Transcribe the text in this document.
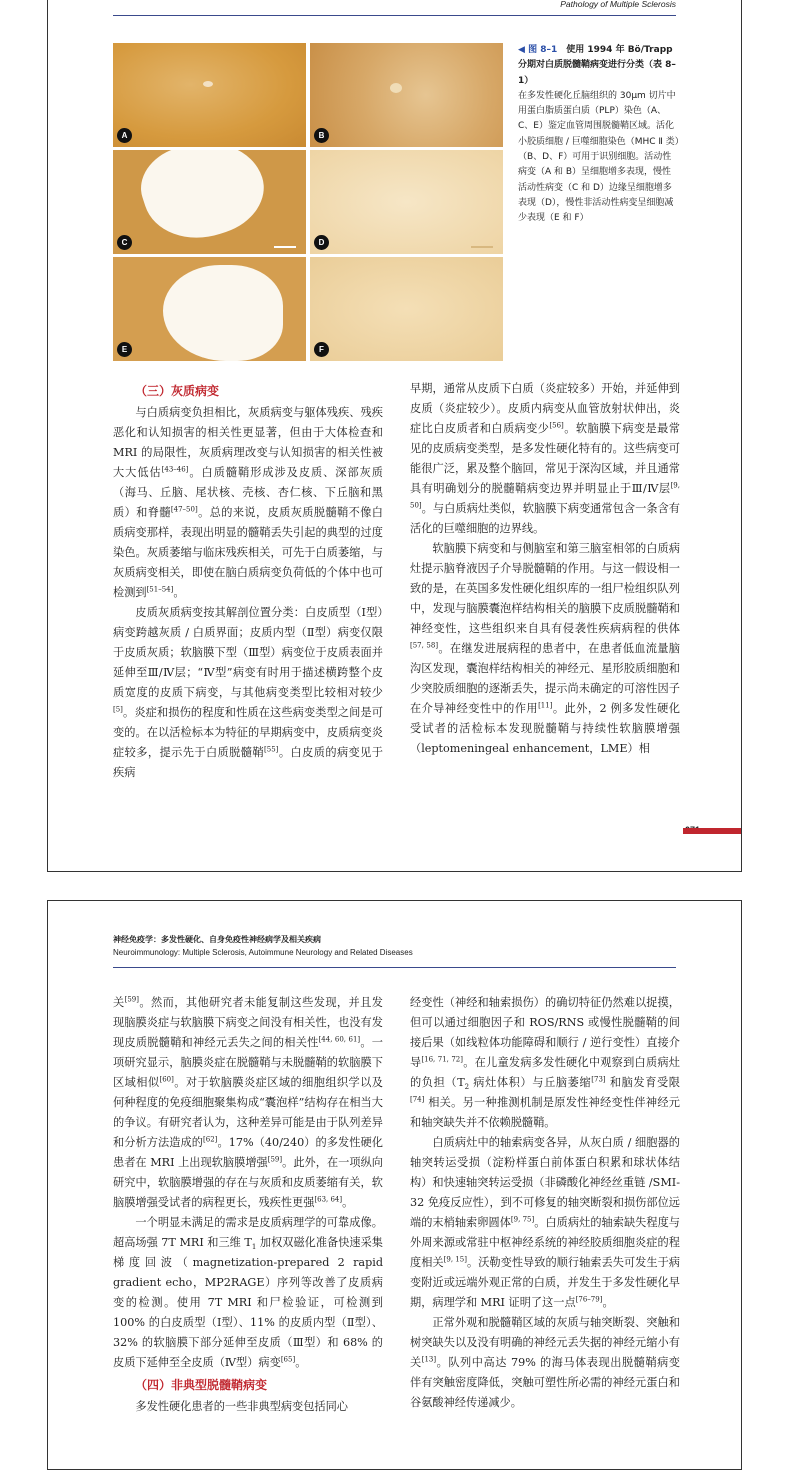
Pathology of Multiple Sclerosis
A	B
C	D
E	F
◀ 图 8–1　 使用 1994 年 Bö/Trapp 分期对白质脱髓鞘病变进行分类（表 8–1）
在多发性硬化丘脑组织的 30μm 切片中用蛋白脂质蛋白质（PLP）染色（A、C、E）鉴定血管周围脱髓鞘区域。活化小胶质细胞 / 巨噬细胞染色（MHC Ⅱ 类）（B、D、F）可用于识别细胞。活动性病变（A 和 B）呈细胞增多表现，慢性活动性病变（C 和 D）边缘呈细胞增多表现（D），慢性非活动性病变呈细胞减少表现（E 和 F）
（三）灰质病变

与白质病变负担相比，灰质病变与躯体残疾、残疾恶化和认知损害的相关性更显著，但由于大体检查和 MRI 的局限性，灰质病理改变与认知损害的相关性被大大低估[43–46]。白质髓鞘形成涉及皮质、深部灰质（海马、丘脑、尾状核、壳核、杏仁核、下丘脑和黑质）和脊髓[47–50]。总的来说，皮质灰质脱髓鞘不像白质病变那样，表现出明显的髓鞘丢失引起的典型的过度染色。灰质萎缩与临床残疾相关，可先于白质萎缩，与灰质病变相关，即使在脑白质病变负荷低的个体中也可检测到[51–54]。

皮质灰质病变按其解剖位置分类：白皮质型（Ⅰ型）病变跨越灰质 / 白质界面；皮质内型（Ⅱ型）病变仅限于皮质灰质；软脑膜下型（Ⅲ型）病变位于皮质表面并延伸至Ⅲ/Ⅳ层；“Ⅳ型”病变有时用于描述横跨整个皮质宽度的皮质下病变，与其他病变类型比较相对较少[5]。炎症和损伤的程度和性质在这些病变类型之间是可变的。在以活检标本为特征的早期病变中，皮质病变炎症较多，提示先于白质脱髓鞘[55]。白皮质的病变见于疾病

早期，通常从皮质下白质（炎症较多）开始，并延伸到皮质（炎症较少）。皮质内病变从血管放射状伸出，炎症比白皮质者和白质病变少[56]。软脑膜下病变是最常见的皮质病变类型，是多发性硬化特有的。这些病变可能很广泛，累及整个脑回，常见于深沟区域，并且通常具有明确划分的脱髓鞘病变边界并明显止于Ⅲ/Ⅳ层[9, 50]。与白质病灶类似，软脑膜下病变通常包含一条含有活化的巨噬细胞的边界线。

软脑膜下病变和与侧脑室和第三脑室相邻的白质病灶提示脑脊液因子介导脱髓鞘的作用。与这一假设相一致的是，在英国多发性硬化组织库的一组尸检组织队列中，发现与脑膜囊泡样结构相关的脑膜下皮质脱髓鞘和神经变性，这些组织来自具有侵袭性疾病病程的供体[57, 58]。在继发进展病程的患者中，在患者低血流量脑沟区发现，囊泡样结构相关的神经元、星形胶质细胞和少突胶质细胞的逐渐丢失，提示尚未确定的可溶性因子在介导神经变性中的作用[11]。此外，2 例多发性硬化受试者的活检标本发现脱髓鞘与持续性软脑膜增强（leptomeningeal enhancement，LME）相

神经免疫学：多发性硬化、自身免疫性神经病学及相关疾病
Neuroimmunology: Multiple Sclerosis, Autoimmune Neurology and Related Diseases

关[59]。然而，其他研究者未能复制这些发现，并且发现脑膜炎症与软脑膜下病变之间没有相关性，也没有发现皮质脱髓鞘和神经元丢失之间的相关性[44, 60, 61]。一项研究显示，脑膜炎症在脱髓鞘与未脱髓鞘的软脑膜下区域相似[60]。对于软脑膜炎症区域的细胞组织学以及何种程度的免疫细胞聚集构成“囊泡样”结构存在相当大的争议。有研究者认为，这种差异可能是由于队列差异和分析方法造成的[62]。17%（40/240）的多发性硬化患者在 MRI 上出现软脑膜增强[59]。此外，在一项纵向研究中，软脑膜增强的存在与灰质和皮质萎缩有关，软脑膜增强受试者的病程更长，残疾性更强[63, 64]。

一个明显未满足的需求是皮质病理学的可靠成像。超高场强 7T MRI 和三维 $T_1$ 加权双磁化准备快速采集梯度回波（magnetization-prepared 2 rapid gradient echo，MP2RAGE）序列等改善了皮质病变的检测。使用 7T MRI 和尸检验证，可检测到 100% 的白皮质型（Ⅰ型）、11% 的皮质内型（Ⅱ型）、32% 的软脑膜下部分延伸至皮质（Ⅲ型）和 68% 的皮质下延伸至全皮质（Ⅳ型）病变[65]。

（四）非典型脱髓鞘病变

多发性硬化患者的一些非典型病变包括同心

经变性（神经和轴索损伤）的确切特征仍然难以捉摸，但可以通过细胞因子和 ROS/RNS 或慢性脱髓鞘的间接后果（如线粒体功能障碍和顺行 / 逆行变性）直接介导[16, 71, 72]。在儿童发病多发性硬化中观察到白质病灶的负担（$T_2$ 病灶体积）与丘脑萎缩[73] 和脑发育受限[74] 相关。另一种推测机制是原发性神经变性伴神经元和轴突缺失并不依赖脱髓鞘。

白质病灶中的轴索病变各异，从灰白质 / 细胞器的轴突转运受损（淀粉样蛋白前体蛋白积累和球状体结构）和快速轴突转运受损（非磷酸化神经丝重链 /SMI-32 免疫反应性），到不可修复的轴突断裂和损伤部位远端的末梢轴索卵圆体[9, 75]。白质病灶的轴索缺失程度与外周来源或常驻中枢神经系统的神经胶质细胞炎症的程度相关[9, 15]。沃勒变性导致的顺行轴索丢失可发生于病变附近或远端外观正常的白质，并发生于多发性硬化早期，病理学和 MRI 证明了这一点[76–79]。

正常外观和脱髓鞘区域的灰质与轴突断裂、突触和树突缺失以及没有明确的神经元丢失据的神经元缩小有关[13]。队列中高达 79% 的海马体表现出脱髓鞘病变伴有突触密度降低，突触可塑性所必需的神经元蛋白和谷氨酸神经传递减少。
